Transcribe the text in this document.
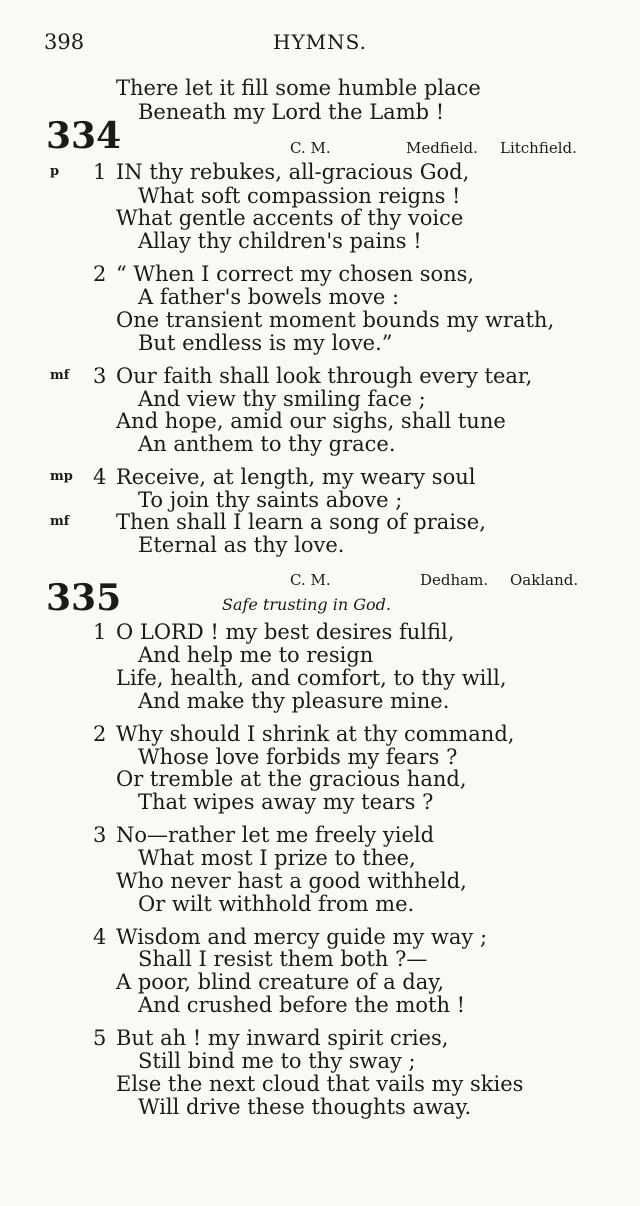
398	HYMNS.
There let it fill some humble place
Beneath my Lord the Lamb !
334	C. M.	Medfield. Litchfield.
p 1 IN thy rebukes, all-gracious God,
What soft compassion reigns !
What gentle accents of thy voice
Allay thy children's pains !
2 “ When I correct my chosen sons,
A father's bowels move :
One transient moment bounds my wrath,
But endless is my love.”
mf 3 Our faith shall look through every tear,
And view thy smiling face ;
And hope, amid our sighs, shall tune
An anthem to thy grace.
mp 4 Receive, at length, my weary soul
To join thy saints above ;
mf Then shall I learn a song of praise,
Eternal as thy love.
335	C. M.	Dedham. Oakland.
Safe trusting in God.
1 O LORD ! my best desires fulfil,
And help me to resign
Life, health, and comfort, to thy will,
And make thy pleasure mine.
2 Why should I shrink at thy command,
Whose love forbids my fears ?
Or tremble at the gracious hand,
That wipes away my tears ?
3 No—rather let me freely yield
What most I prize to thee,
Who never hast a good withheld,
Or wilt withhold from me.
4 Wisdom and mercy guide my way ;
Shall I resist them both ?—
A poor, blind creature of a day,
And crushed before the moth !
5 But ah ! my inward spirit cries,
Still bind me to thy sway ;
Else the next cloud that vails my skies
Will drive these thoughts away.
